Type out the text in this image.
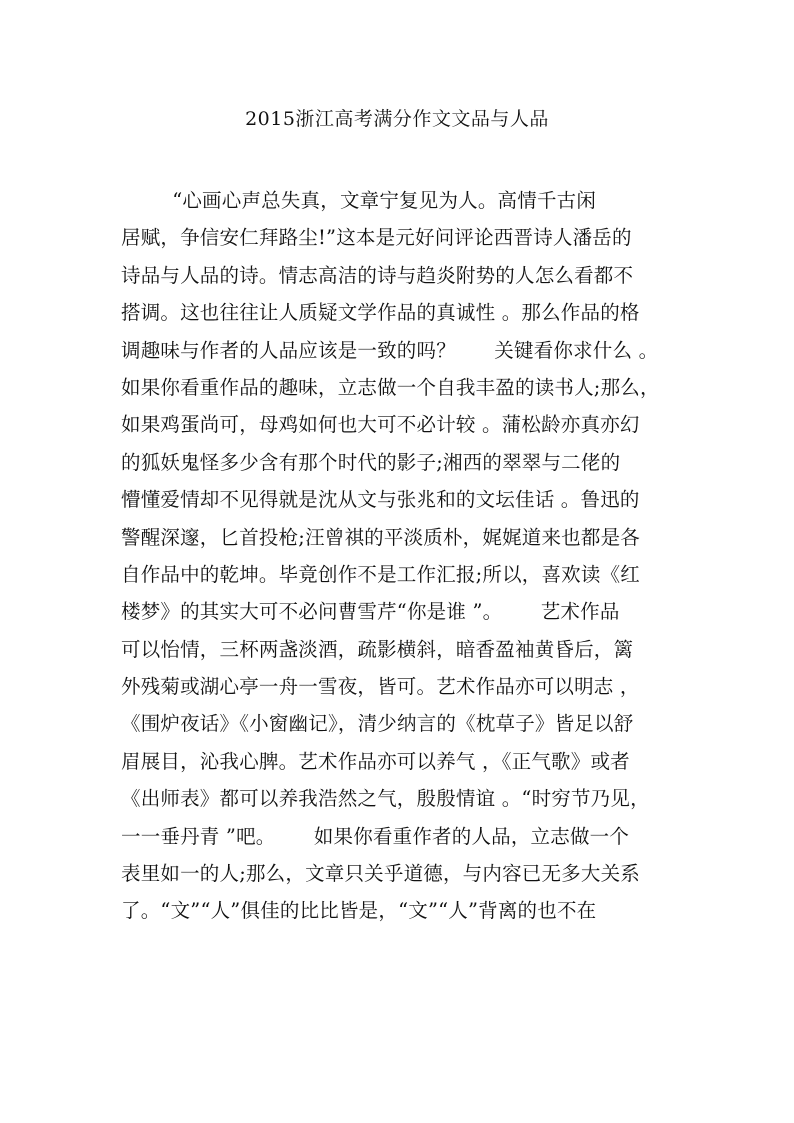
2015浙江高考满分作文文品与人品
“心画心声总失真，文章宁复见为人。高情千古闲
居赋，争信安仁拜路尘!”这本是元好问评论西晋诗人潘岳的
诗品与人品的诗。情志高洁的诗与趋炎附势的人怎么看都不
搭调。这也往往让人质疑文学作品的真诚性 。那么作品的格
调趣味与作者的人品应该是一致的吗？      关键看你求什么 。
如果你看重作品的趣味，立志做一个自我丰盈的读书人;那么，
如果鸡蛋尚可，母鸡如何也大可不必计较 。蒲松龄亦真亦幻
的狐妖鬼怪多少含有那个时代的影子;湘西的翠翠与二佬的
懵懂爱情却不见得就是沈从文与张兆和的文坛佳话 。鲁迅的
警醒深邃，匕首投枪;汪曾祺的平淡质朴，娓娓道来也都是各
自作品中的乾坤。毕竟创作不是工作汇报;所以，喜欢读《红
楼梦》的其实大可不必问曹雪芹“你是谁 ”。      艺术作品
可以怡情，三杯两盏淡酒，疏影横斜，暗香盈袖黄昏后，篱
外残菊或湖心亭一舟一雪夜，皆可。艺术作品亦可以明志 ，
《围炉夜话》《小窗幽记》，清少纳言的《枕草子》皆足以舒
眉展目，沁我心脾。艺术作品亦可以养气 ，《正气歌》或者
《出师表》都可以养我浩然之气，殷殷情谊 。“时穷节乃见，
一一垂丹青 ”吧。      如果你看重作者的人品，立志做一个
表里如一的人;那么，文章只关乎道德，与内容已无多大关系
了。“文”“人”俱佳的比比皆是，“文”“人”背离的也不在
